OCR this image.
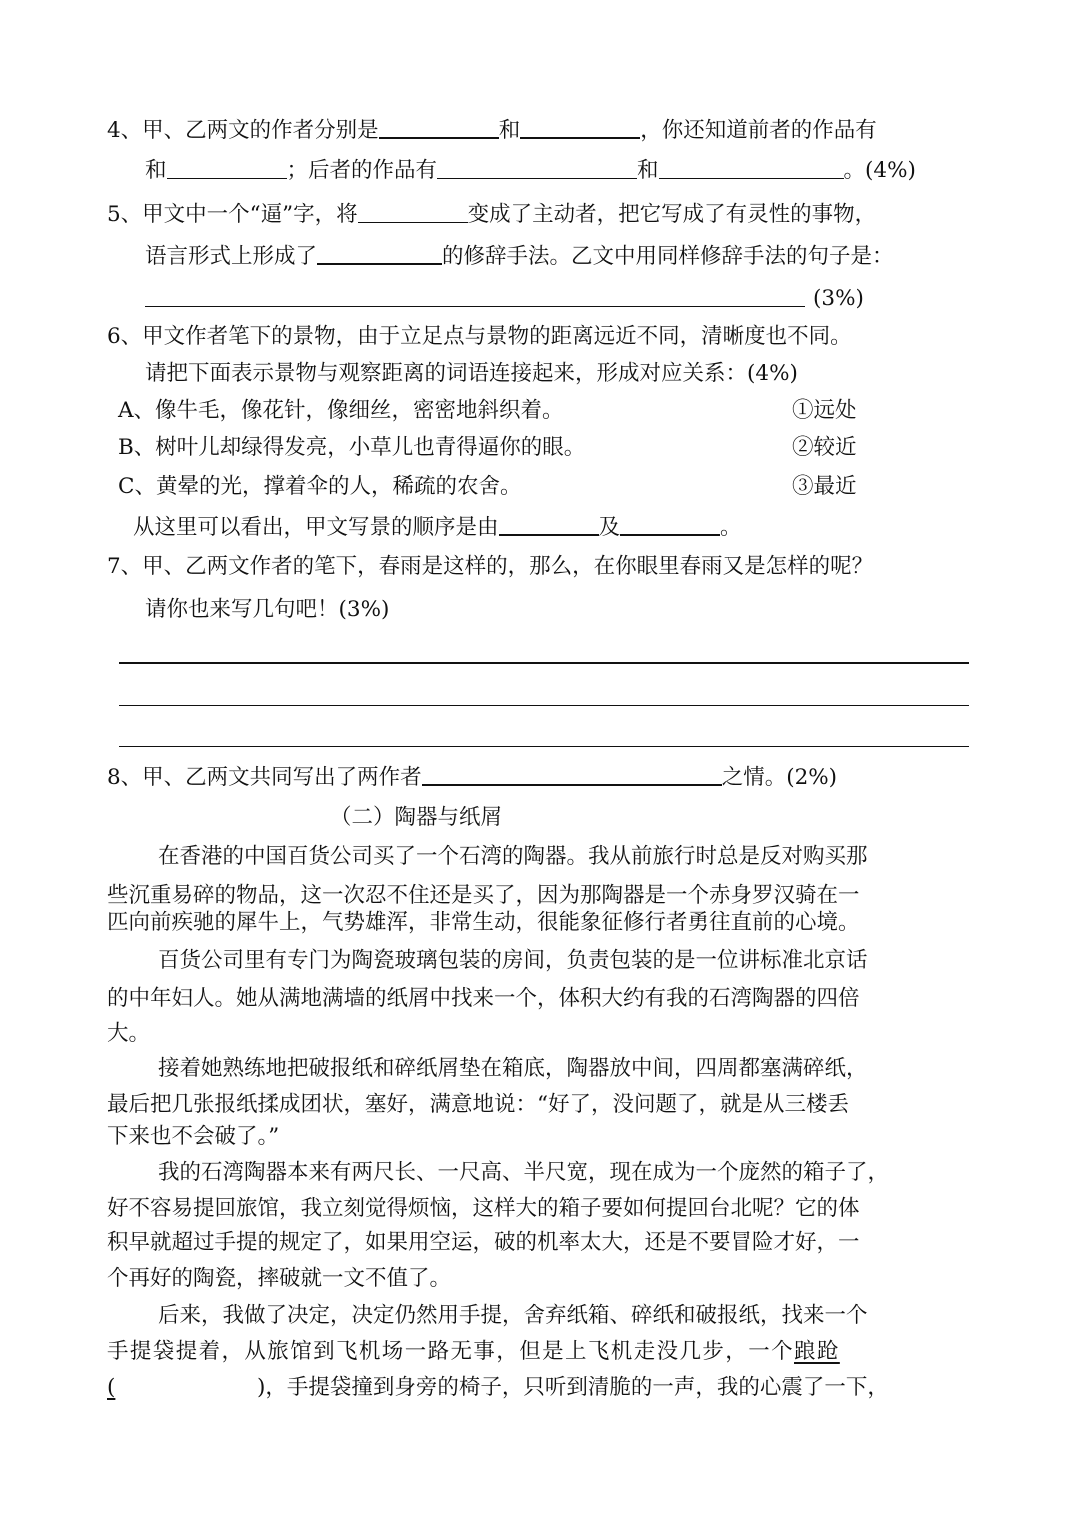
4、甲、乙两文的作者分别是	和	，你还知道前者的作品有
和	；后者的作品有	和	。(4%)
5、甲文中一个“逼”字，将	变成了主动者，把它写成了有灵性的事物，
语言形式上形成了	的修辞手法。乙文中用同样修辞手法的句子是：
(3%)
6、甲文作者笔下的景物，由于立足点与景物的距离远近不同，清晰度也不同。
请把下面表示景物与观察距离的词语连接起来，形成对应关系：(4%)
A、像牛毛，像花针，像细丝，密密地斜织着。	①远处
B、树叶儿却绿得发亮，小草儿也青得逼你的眼。	②较近
C、黄晕的光，撑着伞的人，稀疏的农舍。	③最近
从这里可以看出，甲文写景的顺序是由	及	。
7、甲、乙两文作者的笔下，春雨是这样的，那么，在你眼里春雨又是怎样的呢？
请你也来写几句吧！(3%)
8、甲、乙两文共同写出了两作者	之情。(2%)
（二）陶器与纸屑
在香港的中国百货公司买了一个石湾的陶器。我从前旅行时总是反对购买那
些沉重易碎的物品，这一次忍不住还是买了，因为那陶器是一个赤身罗汉骑在一
匹向前疾驰的犀牛上，气势雄浑，非常生动，很能象征修行者勇往直前的心境。
百货公司里有专门为陶瓷玻璃包装的房间，负责包装的是一位讲标准北京话
的中年妇人。她从满地满墙的纸屑中找来一个，体积大约有我的石湾陶器的四倍
大。
接着她熟练地把破报纸和碎纸屑垫在箱底，陶器放中间，四周都塞满碎纸，
最后把几张报纸揉成团状，塞好，满意地说：“好了，没问题了，就是从三楼丢
下来也不会破了。”
我的石湾陶器本来有两尺长、一尺高、半尺宽，现在成为一个庞然的箱子了，
好不容易提回旅馆，我立刻觉得烦恼，这样大的箱子要如何提回台北呢？它的体
积早就超过手提的规定了，如果用空运，破的机率太大，还是不要冒险才好，一
个再好的陶瓷，摔破就一文不值了。
后来，我做了决定，决定仍然用手提，舍弃纸箱、碎纸和破报纸，找来一个
手提袋提着，从旅馆到飞机场一路无事，但是上飞机走没几步，一个踉跄
(	)，手提袋撞到身旁的椅子，只听到清脆的一声，我的心震了一下，
